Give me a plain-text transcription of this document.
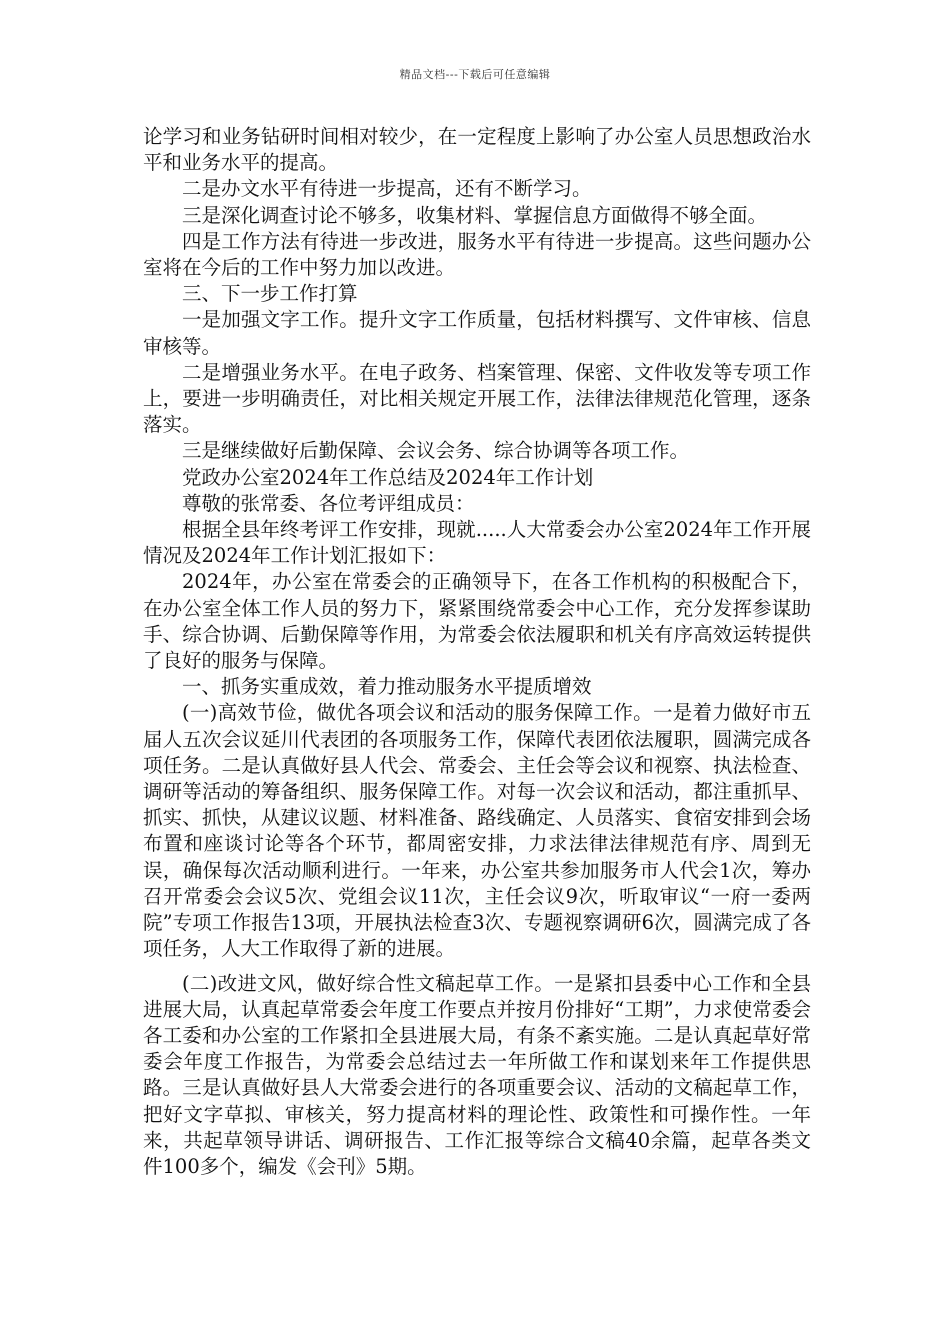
精品文档---下载后可任意编辑

论学习和业务钻研时间相对较少，在一定程度上影响了办公室人员思想政治水平和业务水平的提高。

二是办文水平有待进一步提高，还有不断学习。

三是深化调查讨论不够多，收集材料、掌握信息方面做得不够全面。

四是工作方法有待进一步改进，服务水平有待进一步提高。这些问题办公室将在今后的工作中努力加以改进。

三、下一步工作打算

一是加强文字工作。提升文字工作质量，包括材料撰写、文件审核、信息审核等。

二是增强业务水平。在电子政务、档案管理、保密、文件收发等专项工作上，要进一步明确责任，对比相关规定开展工作，法律法律规范化管理，逐条落实。

三是继续做好后勤保障、会议会务、综合协调等各项工作。

党政办公室2024年工作总结及2024年工作计划

尊敬的张常委、各位考评组成员：

根据全县年终考评工作安排，现就.....人大常委会办公室2024年工作开展情况及2024年工作计划汇报如下：

2024年，办公室在常委会的正确领导下，在各工作机构的积极配合下，在办公室全体工作人员的努力下，紧紧围绕常委会中心工作，充分发挥参谋助手、综合协调、后勤保障等作用，为常委会依法履职和机关有序高效运转提供了良好的服务与保障。

一、抓务实重成效，着力推动服务水平提质增效

(一)高效节俭，做优各项会议和活动的服务保障工作。一是着力做好市五届人五次会议延川代表团的各项服务工作，保障代表团依法履职，圆满完成各项任务。二是认真做好县人代会、常委会、主任会等会议和视察、执法检查、调研等活动的筹备组织、服务保障工作。对每一次会议和活动，都注重抓早、抓实、抓快，从建议议题、材料准备、路线确定、人员落实、食宿安排到会场布置和座谈讨论等各个环节，都周密安排，力求法律法律规范有序、周到无误，确保每次活动顺利进行。一年来，办公室共参加服务市人代会1次，筹办召开常委会会议5次、党组会议11次，主任会议9次，听取审议“一府一委两院”专项工作报告13项，开展执法检查3次、专题视察调研6次，圆满完成了各项任务，人大工作取得了新的进展。

(二)改进文风，做好综合性文稿起草工作。一是紧扣县委中心工作和全县进展大局，认真起草常委会年度工作要点并按月份排好“工期”，力求使常委会各工委和办公室的工作紧扣全县进展大局，有条不紊实施。二是认真起草好常委会年度工作报告，为常委会总结过去一年所做工作和谋划来年工作提供思路。三是认真做好县人大常委会进行的各项重要会议、活动的文稿起草工作，把好文字草拟、审核关，努力提高材料的理论性、政策性和可操作性。一年来，共起草领导讲话、调研报告、工作汇报等综合文稿40余篇，起草各类文件100多个，编发《会刊》5期。
